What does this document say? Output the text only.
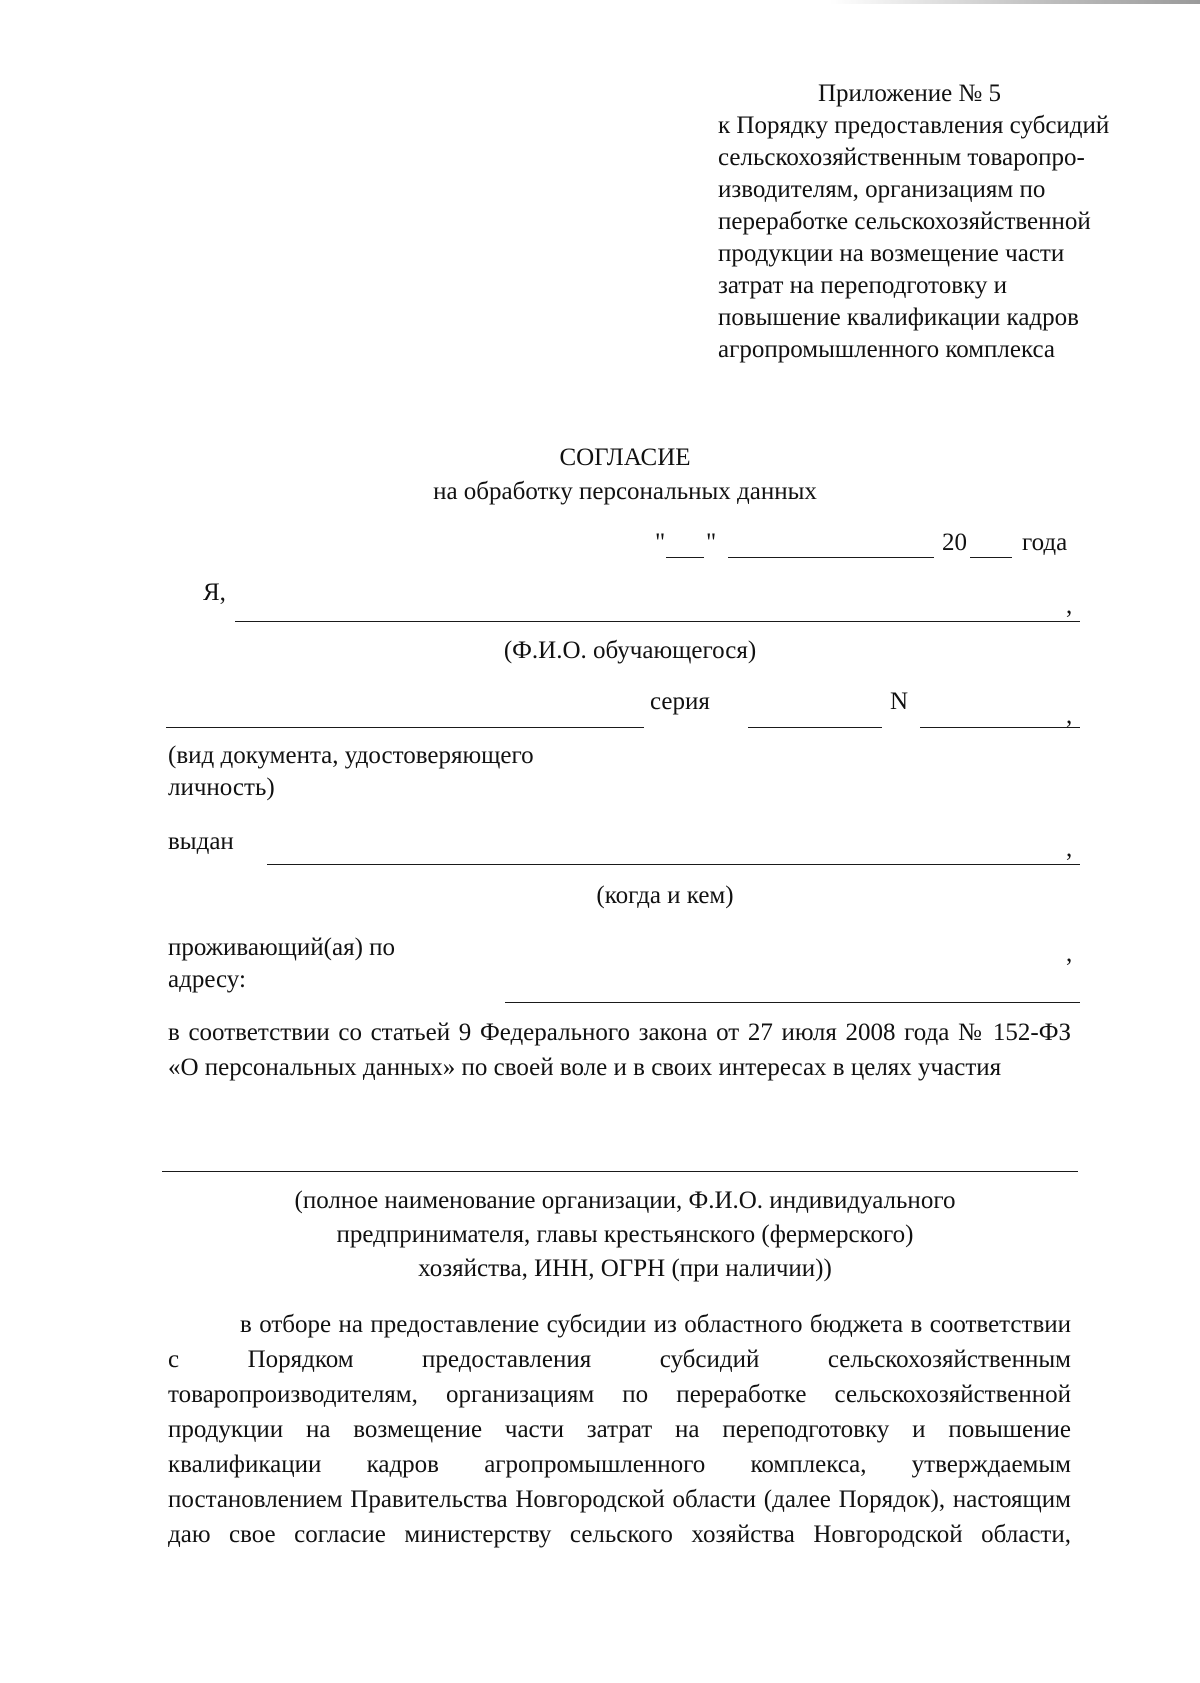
Приложение № 5
к Порядку предоставления субсидий
сельскохозяйственным товаропро-
изводителям, организациям по
переработке сельскохозяйственной
продукции на возмещение части
затрат на переподготовку и
повышение квалификации кадров
агропромышленного комплекса
СОГЛАСИЕ
на обработку персональных данных
" "	20 года
Я,	,
(Ф.И.О. обучающегося)
серия	N
,
(вид документа, удостоверяющего
личность)
выдан	,
(когда и кем)
проживающий(ая) по
адресу:
,
в соответствии со статьей 9 Федерального закона от 27 июля 2008 года № 152-ФЗ «О персональных данных» по своей воле и в своих интересах в целях участия
(полное наименование организации, Ф.И.О. индивидуального
предпринимателя, главы крестьянского (фермерского)
хозяйства, ИНН, ОГРН (при наличии))
в отборе на предоставление субсидии из областного бюджета в соответствии с Порядком предоставления субсидий сельскохозяйственным товаропроизводителям, организациям по переработке сельскохозяйственной продукции на возмещение части затрат на переподготовку и повышение квалификации кадров агропромышленного комплекса, утверждаемым постановлением Правительства Новгородской области (далее Порядок), настоящим даю свое согласие министерству сельского хозяйства Новгородской области,
